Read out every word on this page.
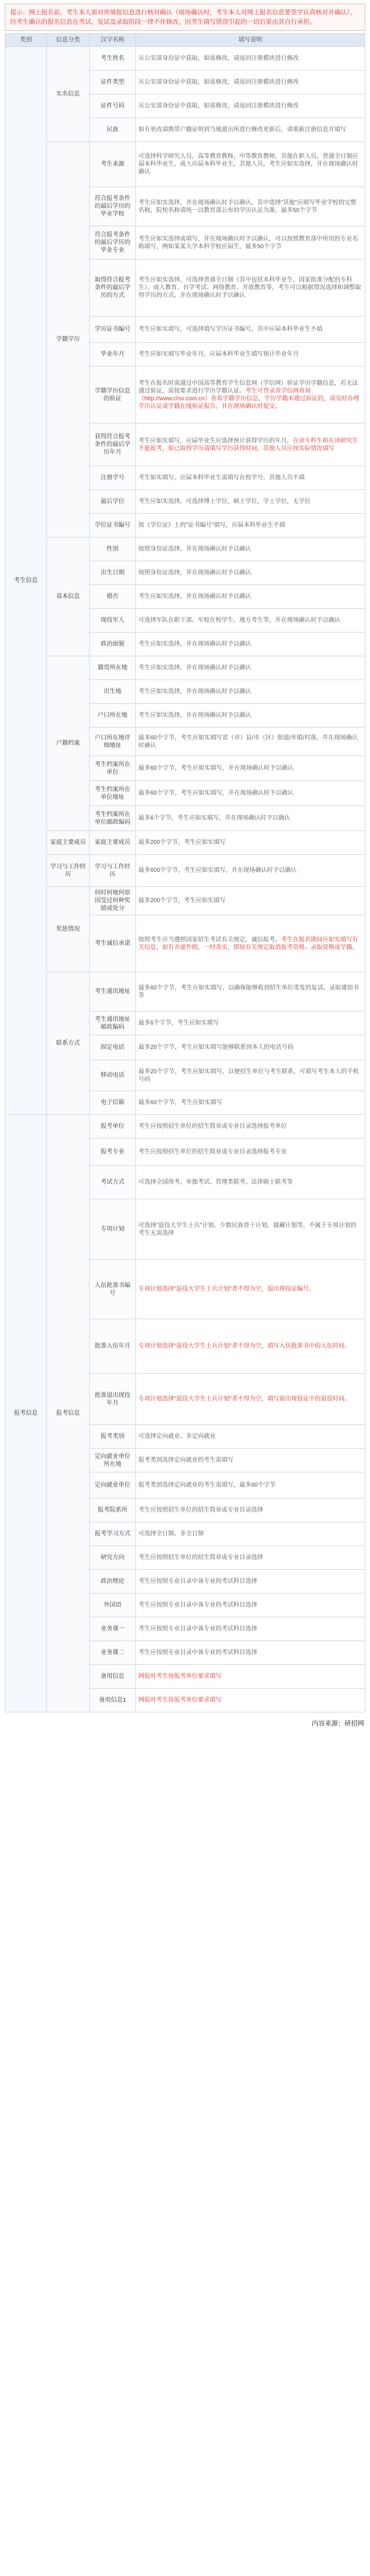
提示：网上报名前，考生本人需对所填报信息进行核对确认（现场确认时，考生本人对网上报名信息要签字认真核对并确认），经考生确认的报名信息在考试、复试及录取阶段一律不作修改，因考生填写错误引起的一切后果由其自行承担。
类别	信息分类	汉字名称	填写说明
考生信息	实名信息	考生姓名	从公安部身份证中获取，如需修改，请返回注册模块进行修改
		证件类型	从公安部身份证中获取，如需修改，请返回注册模块进行修改
		证件号码	从公安部身份证中获取，如需修改，请返回注册模块进行修改
		民族	如有更改请携带户籍证明到当地派出所进行修改更新后，请重新注册信息并填写
	学籍学历	考生来源	可选择科学研究人员，高等教育教师，中等教育教师，其他在职人员，普通全日制应届本科毕业生，成人应届本科毕业生，其他人员，考生应如实选择，并在现场确认时确认
		符合报考条件的最后学历的毕业学校	考生应如实选择，并在现场确认时予以确认，其中选择"其他"应填写毕业学校的完整名称，院校名称请统一以教育部公布的学历认证为准，最多50个字节
		符合报考条件的最后学历的毕业专业	考生应如实选择或填写，并在现场确认时予以确认，可以按照教育部中所用的专业名称填写，例如某某大学本科学校应届生，最多50个字节
		取得符合报考条件的最后学历的方式	考生应如实选择，可选择普通全日制（其中包括本科毕业生、国家批准分配的专科生）、成人教育、自学考试、网络教育、开放教育等，考生可以根据情况选择和调整取得学历的方式，并在现场确认时予以确认
		学历证书编号	考生应如实填写，可选择填写学历证书编号，其中应届本科毕业生不填
		毕业年月	考生应如实填写毕业年月，应届本科毕业生填写预计毕业年月
		学籍学历信息的验证	考生在报名时需通过中国高等教育学生信息网（学信网）验证学历学籍信息，若无法通过验证，需按要求进行学历学籍认证。考生可登录查学信网查询（http://www.chsi.com.cn）查看学籍学历信息，学历学籍未通过验证的，请及时办理学历认证或学籍在线验证报告，并在现场确认时提交。
		获得符合报考条件的最后学历年月	考生应如实填写，应届毕业生应选择预计获得学历的年月，在读专科生和在读研究生不能报考，如已取得学历请填写学历获得时间，其他人员应按实际情况填写
		注册学号	考生如实填写，应届本科毕业生需填写在校学号，其他人员不填
		最后学位	考生应如实选择，可选择博士学位，硕士学位，学士学位，无学位
		学位证书编号	按《学位证》上的"证书编号"填写，应届本科毕业生不填
	基本信息	性别	按照身份证选择，并在现场确认时予以确认
		出生日期	按照身份证选择，并在现场确认时予以确认
		婚否	考生应如实选择，并在现场确认时予以确认
		现役军人	可选择军队在职干部、军校在校学生、地方考生等，并在现场确认时予以确认
		政治面貌	考生应如实选择，并在现场确认时予以确认
	户籍档案	籍贯所在地	考生应如实选择，并在现场确认时予以确认
		出生地	考生应如实选择，并在现场确认时予以确认
		户口所在地	考生应如实选择，并在现场确认时予以确认
		户口所在地详细地址	最多60个字节，考生应如实填写省（市）县/市（区）街道/乡镇/村落，并在现场确认时确认
		考生档案所在单位	最多60个字节，考生应如实填写，并在现场确认时予以确认
		考生档案所在单位地址	最多60个字节，考生应如实填写，并在现场确认时予以确认
		考生档案所在单位邮政编码	最多6个字节，考生应如实填写，并在现场确认时予以确认
	家庭主要成员	家庭主要成员	最多200个字节，考生应如实填写
	学习与工作经历	学习与工作经历	最多600个字节，考生应如实填写，并在现场确认时予以确认
	奖惩情况	何时何地何原因受过何种奖励或处分	最多200个字节，考生应如实填写
		考生诚信承诺	按照考生应当遵照国家招生考试有关规定，诚信报考。考生在报名期间应如实填写有关信息，如有弄虚作假，一经查实，即按有关规定取消报考资格、录取资格或学籍。
	联系方式	考生通讯地址	最多60个字节，考生应如实填写，以确保能够收到招生单位寄发的复试、录取通知书等
		考生通讯地址邮政编码	最多6个字节，考生应如实填写
		固定电话	最多20个字节，考生应如实填写能够联系到本人的电话号码
		移动电话	最多20个字节，考生应如实填写，以便招生单位与考生联系，可填写考生本人的手机号码
		电子信箱	最多60个字节，考生应如实填写
报考信息	报考信息	报考单位	考生应按照招生单位的招生简章或专业目录选择报考单位
		报考专业	考生应按照招生单位的招生简章或专业目录选择报考专业
		考试方式	可选择全国统考、单独考试、管理类联考、法律硕士联考等
		专项计划	可选择"退役大学生士兵"计划、少数民族骨干计划、援藏计划等，不属于专项计划的考生无需选择
		入伍批准书编号	专项计划选择"退役大学生士兵计划"者不得为空，退出现役证编号。
		批准入伍年月	专项计划选择"退役大学生士兵计划"者不得为空，填写入伍批准书中的入伍时间。
		批准退出现役年月	专项计划选择"退役大学生士兵计划"者不得为空，填写退出现役证中的退役时间。
		报考类别	可选择定向就业、非定向就业
		定向就业单位所在地	报考类别选择定向就业的考生需填写
		定向就业单位	报考类别选择定向就业的考生需填写，最多60个字节
		报考院系所	考生应按照招生单位的招生简章或专业目录选择
		报考学习方式	可选择全日制、非全日制
		研究方向	考生应按照招生单位的招生简章或专业目录选择
		政治理论	考生应按照专业目录中该专业的考试科目选择
		外国语	考生应按照专业目录中该专业的考试科目选择
		业务课一	考生应按照专业目录中该专业的考试科目选择
		业务课二	考生应按照专业目录中该专业的考试科目选择
		备用信息	网报时考生按报考单位要求填写
		备用信息1	网报时考生按报考单位要求填写
内容来源：研招网
